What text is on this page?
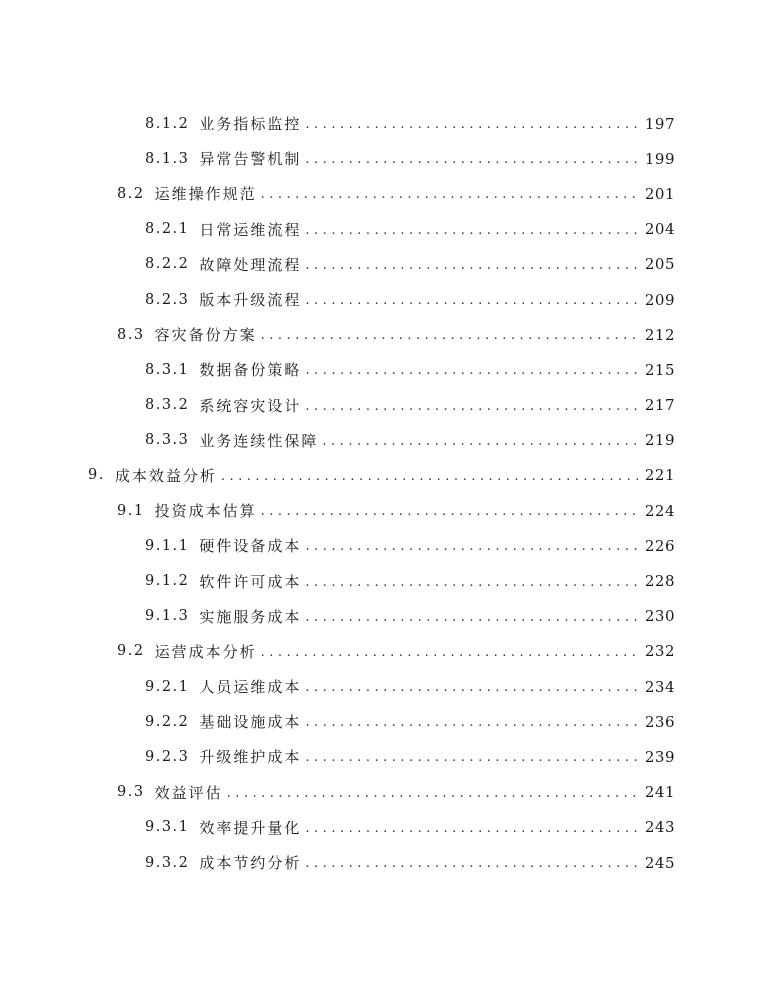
8.1.2 业务指标监控 .....	197
8.1.3 异常告警机制 .....	199
8.2 运维操作规范 .....	201
8.2.1 日常运维流程 .....	204
8.2.2 故障处理流程 .....	205
8.2.3 版本升级流程 .....	209
8.3 容灾备份方案 .....	212
8.3.1 数据备份策略 .....	215
8.3.2 系统容灾设计 .....	217
8.3.3 业务连续性保障 .....	219
9. 成本效益分析 .....	221
9.1 投资成本估算 .....	224
9.1.1 硬件设备成本 .....	226
9.1.2 软件许可成本 .....	228
9.1.3 实施服务成本 .....	230
9.2 运营成本分析 .....	232
9.2.1 人员运维成本 .....	234
9.2.2 基础设施成本 .....	236
9.2.3 升级维护成本 .....	239
9.3 效益评估 .....	241
9.3.1 效率提升量化 .....	243
9.3.2 成本节约分析 .....	245
